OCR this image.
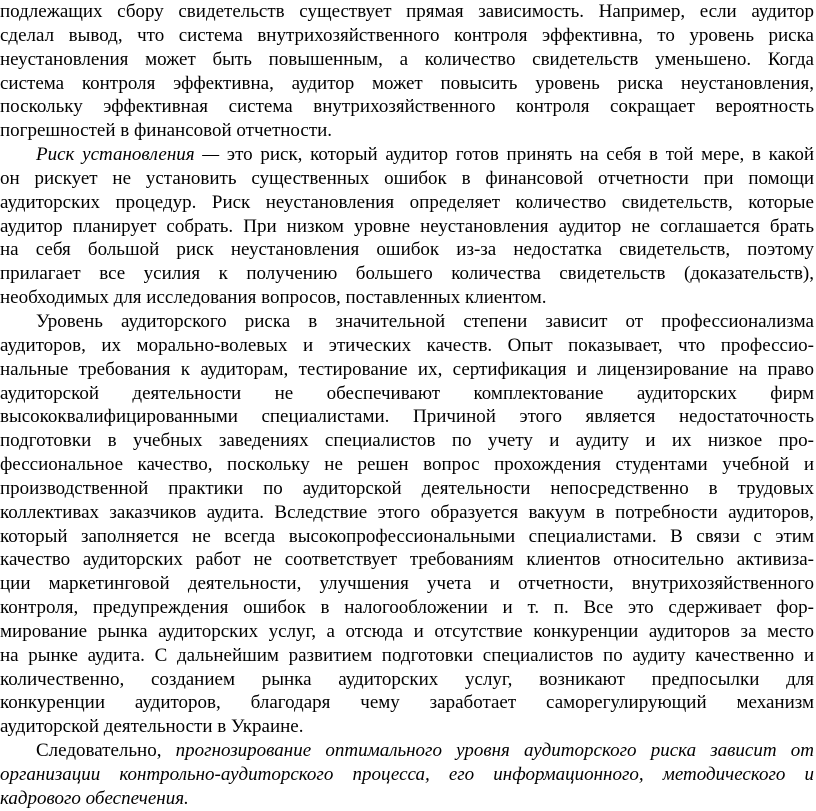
подлежащих сбору свидетельств существует прямая зависимость. Например, если аудитор
сделал вывод, что система внутрихозяйственного контроля эффективна, то уровень риска
неустановления может быть повышенным, а количество свидетельств уменьшено. Когда
система контроля эффективна, аудитор может повысить уровень риска неустановления,
поскольку эффективная система внутрихозяйственного контроля сокращает вероятность
погрешностей в финансовой отчетности.
Риск установления — это риск, который аудитор готов принять на себя в той мере, в какой
он рискует не установить существенных ошибок в финансовой отчетности при помощи
аудиторских процедур. Риск неустановления определяет количество свидетельств, которые
аудитор планирует собрать. При низком уровне неустановления аудитор не соглашается брать
на себя большой риск неустановления ошибок из-за недостатка свидетельств, поэтому
прилагает все усилия к получению большего количества свидетельств (доказательств),
необходимых для исследования вопросов, поставленных клиентом.
Уровень аудиторского риска в значительной степени зависит от профессионализма
аудиторов, их морально-волевых и этических качеств. Опыт показывает, что профессио-
нальные требования к аудиторам, тестирование их, сертификация и лицензирование на право
аудиторской деятельности не обеспечивают комплектование аудиторских фирм
высококвалифицированными специалистами. Причиной этого является недостаточность
подготовки в учебных заведениях специалистов по учету и аудиту и их низкое про-
фессиональное качество, поскольку не решен вопрос прохождения студентами учебной и
производственной практики по аудиторской деятельности непосредственно в трудовых
коллективах заказчиков аудита. Вследствие этого образуется вакуум в потребности аудиторов,
который заполняется не всегда высокопрофессиональными специалистами. В связи с этим
качество аудиторских работ не соответствует требованиям клиентов относительно активиза-
ции маркетинговой деятельности, улучшения учета и отчетности, внутрихозяйственного
контроля, предупреждения ошибок в налогообложении и т. п. Все это сдерживает фор-
мирование рынка аудиторских услуг, а отсюда и отсутствие конкуренции аудиторов за место
на рынке аудита. С дальнейшим развитием подготовки специалистов по аудиту качественно и
количественно, созданием рынка аудиторских услуг, возникают предпосылки для
конкуренции аудиторов, благодаря чему заработает саморегулирующий механизм
аудиторской деятельности в Украине.
Следовательно, прогнозирование оптимального уровня аудиторского риска зависит от
организации контрольно-аудиторского процесса, его информационного, методического и
кадрового обеспечения.
